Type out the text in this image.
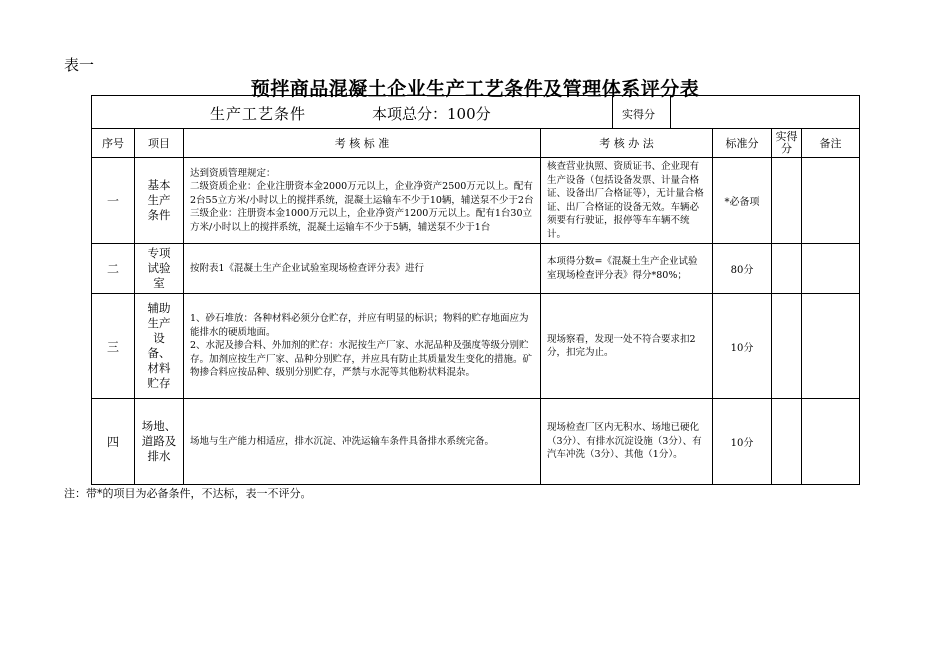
表一
预拌商品混凝土企业生产工艺条件及管理体系评分表
生产工艺条件 本项总分：100分 实得分						

序号	项目	考 核 标 准	考 核 办 法	标准分	实得分	备注
一	基本生产条件	达到资质管理规定：
二级资质企业：企业注册资本金2000万元以上，企业净资产2500万元以上。配有2台55立方米/小时以上的搅拌系统，混凝土运输车不少于10辆，辅送泵不少于2台
三级企业：注册资本金1000万元以上，企业净资产1200万元以上。配有1台30立方米/小时以上的搅拌系统，混凝土运输车不少于5辆，辅送泵不少于1台	核查营业执照、资质证书、企业现有生产设备（包括设备发票、计量合格证、设备出厂合格证等），无计量合格证、出厂合格证的设备无效。车辆必须要有行驶证，报停等车车辆不统计。	*必备项		
二	专项试验室	按附表1《混凝土生产企业试验室现场检查评分表》进行	本项得分数=《混凝土生产企业试验室现场检查评分表》得分*80%；	80分		
三	辅助生产设备、材料贮存	1、砂石堆放：各种材料必须分仓贮存，并应有明显的标识；物料的贮存地面应为能排水的硬质地面。
2、水泥及掺合料、外加剂的贮存：水泥按生产厂家、水泥品种及强度等级分别贮存。加剂应按生产厂家、品种分别贮存，并应具有防止其质量发生变化的措施。矿物掺合料应按品种、级别分别贮存，严禁与水泥等其他粉状料混杂。	现场察看，发现一处不符合要求扣2分，扣完为止。	10分		
四	场地、道路及排水	场地与生产能力相适应，排水沉淀、冲洗运输车条件具备排水系统完备。	现场检查厂区内无积水、场地已硬化（3分）、有排水沉淀设施（3分）、有汽车冲洗（3分）、其他（1分）。	10分		
注：带*的项目为必备条件，不达标，表一不评分。
